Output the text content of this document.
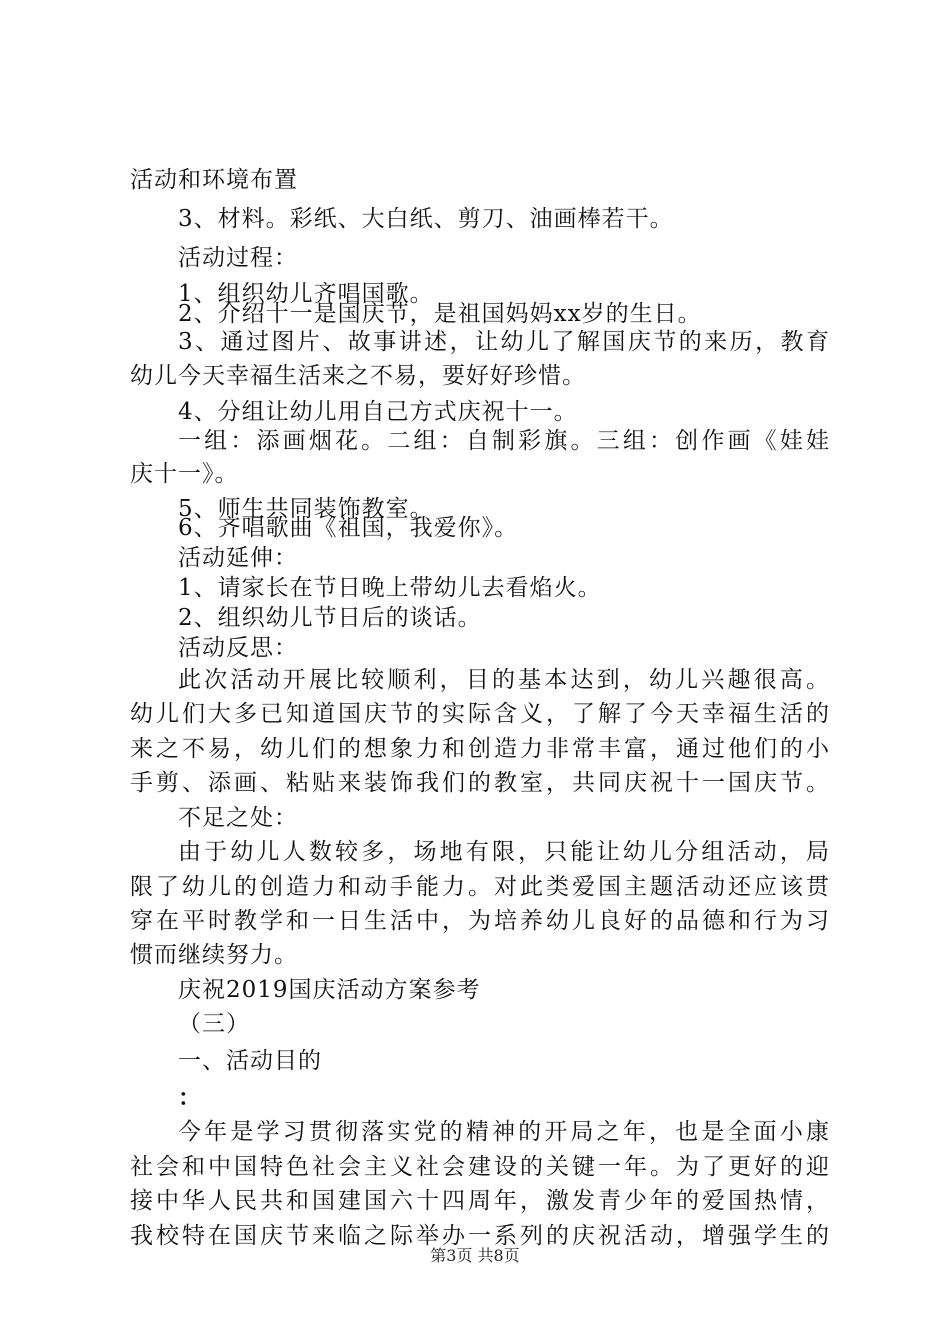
活动和环境布置
3、材料。彩纸、大白纸、剪刀、油画棒若干。
活动过程：
1、组织幼儿齐唱国歌。
2、介绍十一是国庆节，是祖国妈妈xx岁的生日。
3、通过图片、故事讲述，让幼儿了解国庆节的来历，教育
幼儿今天幸福生活来之不易，要好好珍惜。
4、分组让幼儿用自己方式庆祝十一。
一组：添画烟花。二组：自制彩旗。三组：创作画《娃娃
庆十一》。
5、师生共同装饰教室。
6、齐唱歌曲《祖国，我爱你》。
活动延伸：
1、请家长在节日晚上带幼儿去看焰火。
2、组织幼儿节日后的谈话。
活动反思：
此次活动开展比较顺利，目的基本达到，幼儿兴趣很高。
幼儿们大多已知道国庆节的实际含义，了解了今天幸福生活的
来之不易，幼儿们的想象力和创造力非常丰富，通过他们的小
手剪、添画、粘贴来装饰我们的教室，共同庆祝十一国庆节。
不足之处：
由于幼儿人数较多，场地有限，只能让幼儿分组活动，局
限了幼儿的创造力和动手能力。对此类爱国主题活动还应该贯
穿在平时教学和一日生活中，为培养幼儿良好的品德和行为习
惯而继续努力。
庆祝2019国庆活动方案参考
（三）
一、活动目的
：
今年是学习贯彻落实党的精神的开局之年，也是全面小康
社会和中国特色社会主义社会建设的关键一年。为了更好的迎
接中华人民共和国建国六十四周年，激发青少年的爱国热情，
我校特在国庆节来临之际举办一系列的庆祝活动，增强学生的
第3页 共8页
